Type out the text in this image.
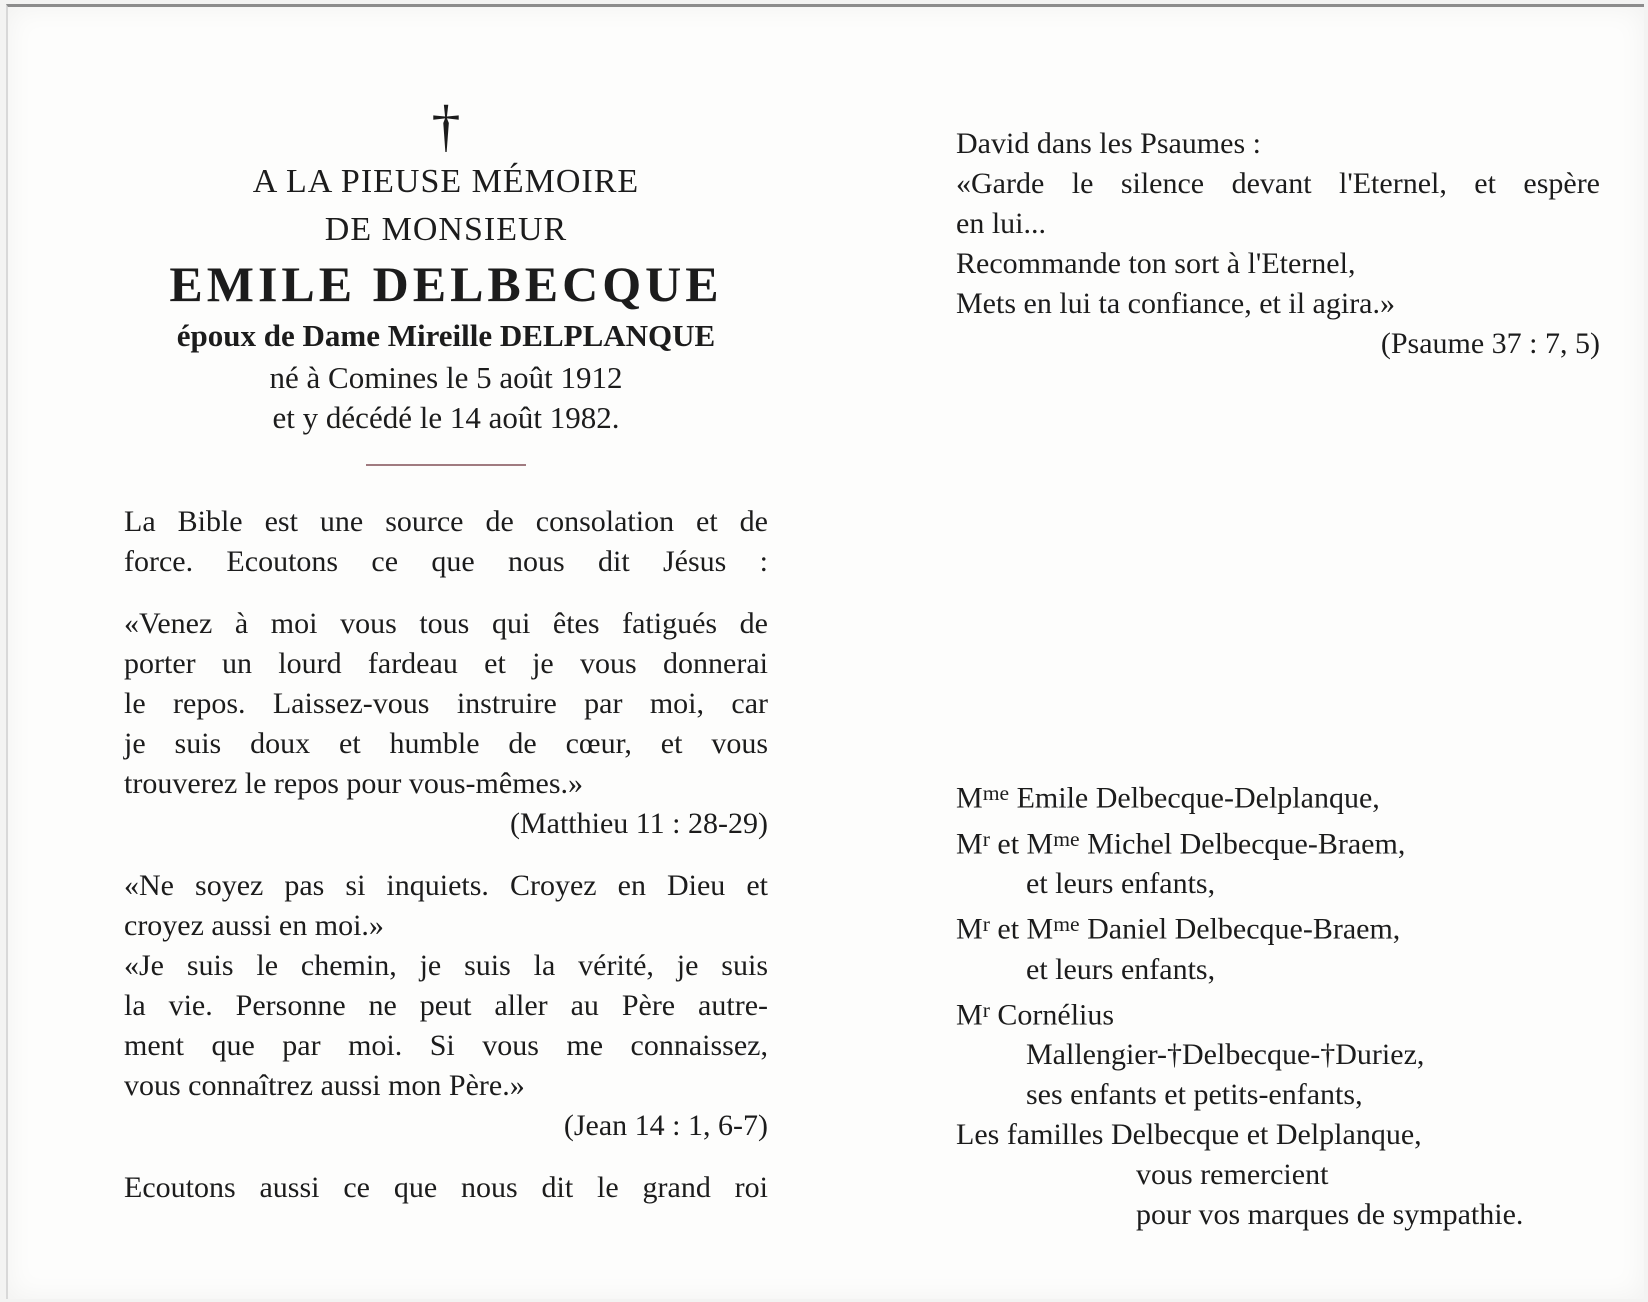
†
A LA PIEUSE MÉMOIRE
DE MONSIEUR
EMILE DELBECQUE
époux de Dame Mireille DELPLANQUE
né à Comines le 5 août 1912
et y décédé le 14 août 1982.
La Bible est une source de consolation et de
force. Ecoutons ce que nous dit Jésus :
«Venez à moi vous tous qui êtes fatigués de
porter un lourd fardeau et je vous donnerai
le repos. Laissez-vous instruire par moi, car
je suis doux et humble de cœur, et vous
trouverez le repos pour vous-mêmes.»
(Matthieu 11 : 28-29)
«Ne soyez pas si inquiets. Croyez en Dieu et
croyez aussi en moi.»
«Je suis le chemin, je suis la vérité, je suis
la vie. Personne ne peut aller au Père autre-
ment que par moi. Si vous me connaissez,
vous connaîtrez aussi mon Père.»
(Jean 14 : 1, 6-7)
Ecoutons aussi ce que nous dit le grand roi
David dans les Psaumes :
«Garde le silence devant l'Eternel, et espère
en lui...
Recommande ton sort à l'Eternel,
Mets en lui ta confiance, et il agira.»
(Psaume 37 : 7, 5)
$M^{me}$ Emile Delbecque-Delplanque,
$M^r$ et $M^{me}$ Michel Delbecque-Braem,
et leurs enfants,
$M^r$ et $M^{me}$ Daniel Delbecque-Braem,
et leurs enfants,
$M^r$ Cornélius
Mallengier-†Delbecque-†Duriez,
ses enfants et petits-enfants,
Les familles Delbecque et Delplanque,
vous remercient
pour vos marques de sympathie.
